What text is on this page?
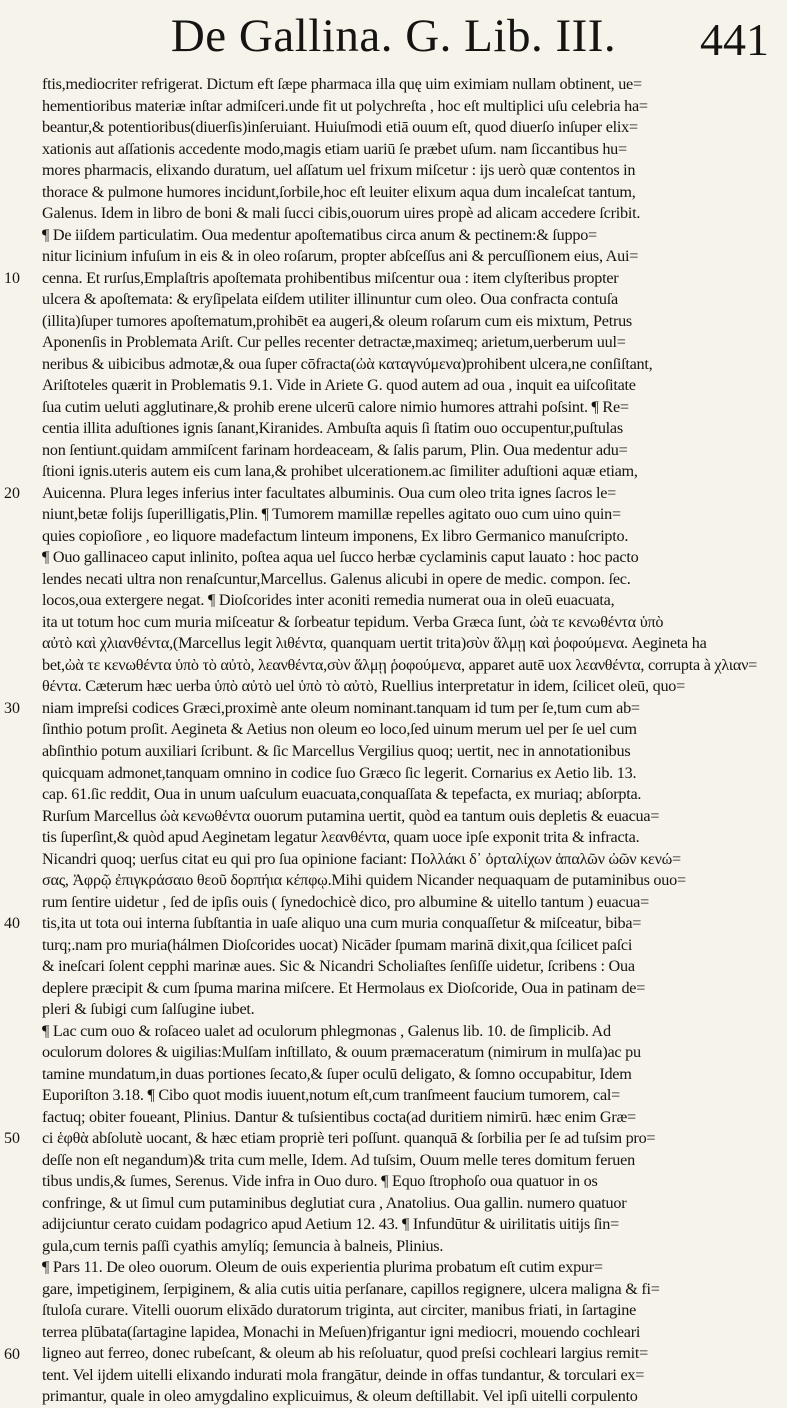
De Gallina. G. Lib. III.	441
10
20
30
40
50
60
ftis,mediocriter refrigerat. Dictum eft ſæpe pharmaca illa quę uim eximiam nullam obtinent, ue=
hementioribus materiæ inſtar admiſceri.unde fit ut polychreſta , hoc eſt multiplici uſu celebria ha=
beantur,& potentioribus(diuerſis)inſeruiant. Huiuſmodi etiā ouum eſt, quod diuerſo inſuper elix=
xationis aut aſſationis accedente modo,magis etiam uariū ſe præbet uſum. nam ſiccantibus hu=
mores pharmacis, elixando duratum, uel aſſatum uel frixum miſcetur : ijs uerò quæ contentos in
thorace & pulmone humores incidunt,ſorbile,hoc eſt leuiter elixum aqua dum incaleſcat tantum,
Galenus. Idem in libro de boni & mali ſucci cibis,ouorum uires propè ad alicam accedere ſcribit.
¶ De iiſdem particulatim. Oua medentur apoſtematibus circa anum & pectinem:& ſuppo=
nitur licinium infuſum in eis & in oleo roſarum, propter abſceſſus ani & percuſſionem eius, Aui=
cenna. Et rurſus,Emplaſtris apoſtemata prohibentibus miſcentur oua : item clyſteribus propter
ulcera & apoſtemata: & eryſipelata eiſdem utiliter illinuntur cum oleo. Oua confracta contuſa
(illita)ſuper tumores apoſtematum,prohibēt ea augeri,& oleum roſarum cum eis mixtum, Petrus
Aponenſis in Problemata Ariſt. Cur pelles recenter detractæ,maximeq; arietum,uerberum uul=
neribus & uibicibus admotæ,& oua ſuper cōfracta(ὠὰ καταγνύμενα)prohibent ulcera,ne conſiſtant,
Ariſtoteles quærit in Problematis 9.1. Vide in Ariete G. quod autem ad oua , inquit ea uiſcoſitate
ſua cutim ueluti agglutinare,& prohib erene ulcerū calore nimio humores attrahi poſsint. ¶ Re=
centia illita aduſtiones ignis ſanant,Kiranides. Ambuſta aquis ſi ſtatim ouo occupentur,puſtulas
non ſentiunt.quidam ammiſcent farinam hordeaceam, & ſalis parum, Plin. Oua medentur adu=
ſtioni ignis.uteris autem eis cum lana,& prohibet ulcerationem.ac ſimiliter aduſtioni aquæ etiam,
Auicenna. Plura leges inferius inter facultates albuminis. Oua cum oleo trita ignes ſacros le=
niunt,betæ folijs ſuperilligatis,Plin. ¶ Tumorem mamillæ repelles agitato ouo cum uino quin=
quies copioſiore , eo liquore madefactum linteum imponens, Ex libro Germanico manuſcripto.
¶ Ouo gallinaceo caput inlinito, poſtea aqua uel ſucco herbæ cyclaminis caput lauato : hoc pacto
lendes necati ultra non renaſcuntur,Marcellus. Galenus alicubi in opere de medic. compon. ſec.
locos,oua extergere negat. ¶ Dioſcorides inter aconiti remedia numerat oua in oleū euacuata,
ita ut totum hoc cum muria miſceatur & ſorbeatur tepidum. Verba Græca ſunt, ὠὰ τε κενωθέντα ὑπὸ
αὐτὸ καὶ χλιανθέντα,(Marcellus legit λιθέντα, quanquam uertit trita)σὺν ἅλμῃ καὶ ῥοφούμενα. Aegineta ha
bet,ὠὰ τε κενωθέντα ὑπὸ τὸ αὐτὸ, λεανθέντα,σὺν ἅλμῃ ῥοφούμενα, apparet autē uox λεανθέντα, corrupta à χλιαν=
θέντα. Cæterum hæc uerba ὑπὸ αὐτὸ uel ὑπὸ τὸ αὐτὸ, Ruellius interpretatur in idem, ſcilicet oleū, quo=
niam impreſsi codices Græci,proximè ante oleum nominant.tanquam id tum per ſe,tum cum ab=
ſinthio potum proſit. Aegineta & Aetius non oleum eo loco,ſed uinum merum uel per ſe uel cum
abſinthio potum auxiliari ſcribunt. & ſic Marcellus Vergilius quoq; uertit, nec in annotationibus
quicquam admonet,tanquam omnino in codice ſuo Græco ſic legerit. Cornarius ex Aetio lib. 13.
cap. 61.ſic reddit, Oua in unum uaſculum euacuata,conquaſſata & tepefacta, ex muriaq; abſorpta.
Rurſum Marcellus ὠὰ κενωθέντα ouorum putamina uertit, quòd ea tantum ouis depletis & euacua=
tis ſuperſint,& quòd apud Aeginetam legatur λεανθέντα, quam uoce ipſe exponit trita & infracta.
Nicandri quoq; uerſus citat eu qui pro ſua opinione faciant: Πολλάκι δ᾽ ὀρταλίχων ἀπαλῶν ὠῶν κενώ=
σας, Ἀφρῷ ἐπιγκράσαιο θεοῦ δορπήια κέπφῳ.Mihi quidem Nicander nequaquam de putaminibus ouo=
rum ſentire uidetur , ſed de ipſis ouis ( ſynedochicè dico, pro albumine & uitello tantum ) euacua=
tis,ita ut tota oui interna ſubſtantia in uaſe aliquo una cum muria conquaſſetur & miſceatur, biba=
turq;.nam pro muria(hálmen Dioſcorides uocat) Nicāder ſpumam marinā dixit,qua ſcilicet paſci
& ineſcari ſolent cepphi marinæ aues. Sic & Nicandri Scholiaſtes ſenſiſſe uidetur, ſcribens : Oua
deplere præcipit & cum ſpuma marina miſcere. Et Hermolaus ex Dioſcoride, Oua in patinam de=
pleri & ſubigi cum ſalſugine iubet.
¶ Lac cum ouo & roſaceo ualet ad oculorum phlegmonas , Galenus lib. 10. de ſimplicib. Ad
oculorum dolores & uigilias:Mulſam inſtillato, & ouum præmaceratum (nimirum in mulſa)ac pu
tamine mundatum,in duas portiones ſecato,& ſuper oculū deligato, & ſomno occupabitur, Idem
Euporiſton 3.18. ¶ Cibo quot modis iuuent,notum eſt,cum tranſmeent faucium tumorem, cal=
factuq; obiter foueant, Plinius. Dantur & tuſsientibus cocta(ad duritiem nimirū. hæc enim Græ=
ci ἑφθὰ abſolutè uocant, & hæc etiam propriè teri poſſunt. quanquā & ſorbilia per ſe ad tuſsim pro=
deſſe non eſt negandum)& trita cum melle, Idem. Ad tuſsim, Ouum melle teres domitum feruen
tibus undis,& ſumes, Serenus. Vide infra in Ouo duro. ¶ Equo ſtrophoſo oua quatuor in os
confringe, & ut ſimul cum putaminibus deglutiat cura , Anatolius. Oua gallin. numero quatuor
adijciuntur cerato cuidam podagrico apud Aetium 12. 43. ¶ Infundūtur & uirilitatis uitijs ſin=
gula,cum ternis paſſi cyathis amylíq; ſemuncia à balneis, Plinius.
¶ Pars 11. De oleo ouorum. Oleum de ouis experientia plurima probatum eſt cutim expur=
gare, impetiginem, ſerpiginem, & alia cutis uitia perſanare, capillos regignere, ulcera maligna & fi=
ſtuloſa curare. Vitelli ouorum elixādo duratorum triginta, aut circiter, manibus friati, in ſartagine
terrea plūbata(ſartagine lapidea, Monachi in Meſuen)frigantur igni mediocri, mouendo cochleari
ligneo aut ferreo, donec rubeſcant, & oleum ab his reſoluatur, quod preſsi cochleari largius remit=
tent. Vel ijdem uitelli elixando indurati mola frangātur, deinde in offas tundantur, & torculari ex=
primantur, quale in oleo amygdalino explicuimus, & oleum deſtillabit. Vel ipſi uitelli corpulento
